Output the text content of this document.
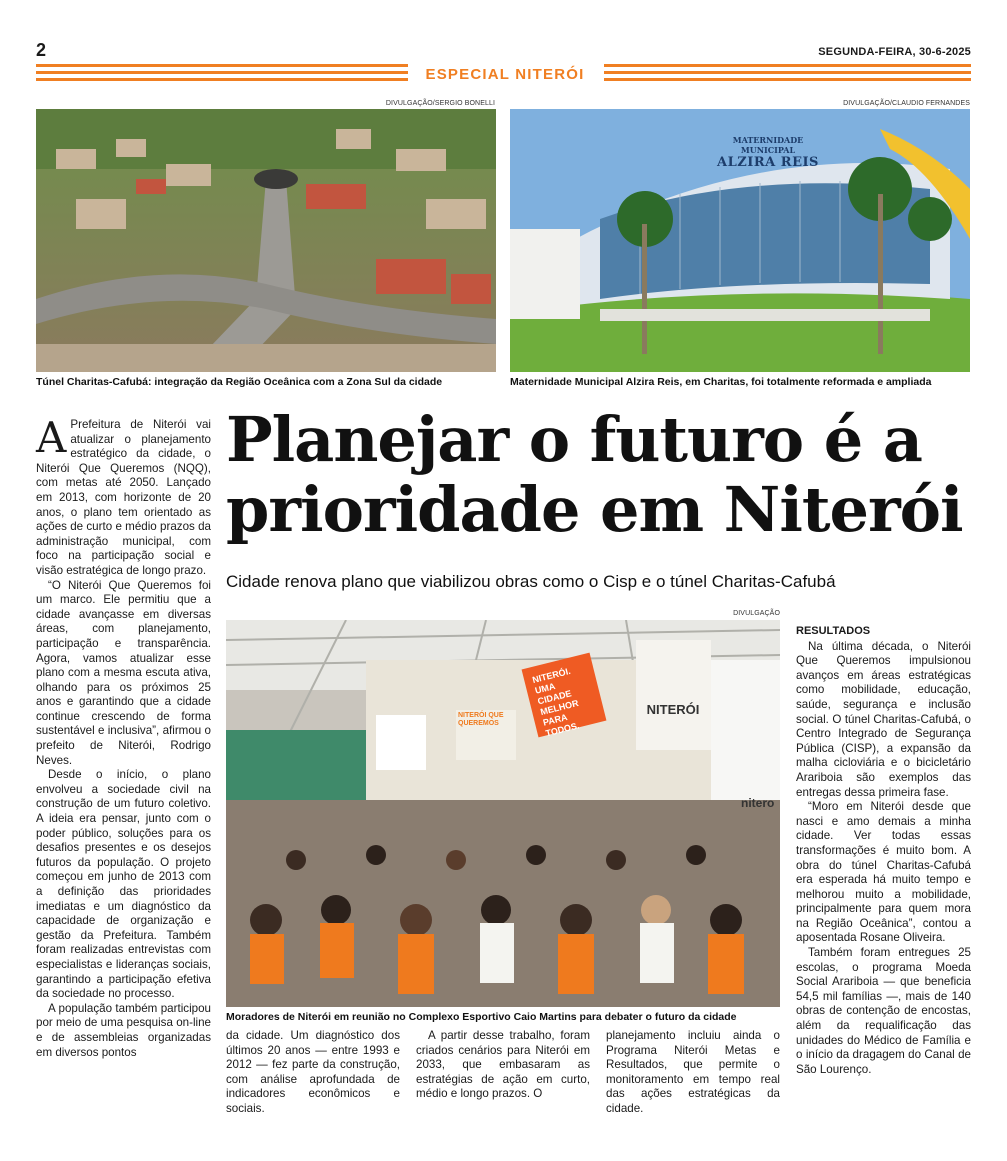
2	SEGUNDA-FEIRA, 30-6-2025
ESPECIAL NITERÓI
DIVULGAÇÃO/SERGIO BONELLI
Túnel Charitas-Cafubá: integração da Região Oceânica com a Zona Sul da cidade
DIVULGAÇÃO/CLAUDIO FERNANDES
MATERNIDADE MUNICIPAL
ALZIRA REIS
Maternidade Municipal Alzira Reis, em Charitas, foi totalmente reformada e ampliada
Planejar o futuro é a
prioridade em Niterói
Cidade renova plano que viabilizou obras como o Cisp e o túnel Charitas-Cafubá

A Prefeitura de Niterói vai atualizar o planejamento estratégico da cidade, o Niterói Que Queremos (NQQ), com metas até 2050. Lançado em 2013, com horizonte de 20 anos, o plano tem orientado as ações de curto e médio prazos da administração municipal, com foco na participação social e visão estratégica de longo prazo.

“O Niterói Que Queremos foi um marco. Ele permitiu que a cidade avançasse em diversas áreas, com planejamento, participação e transparência. Agora, vamos atualizar esse plano com a mesma escuta ativa, olhando para os próximos 25 anos e garantindo que a cidade continue crescendo de forma sustentável e inclusiva”, afirmou o prefeito de Niterói, Rodrigo Neves.

Desde o início, o plano envolveu a sociedade civil na construção de um futuro coletivo. A ideia era pensar, junto com o poder público, soluções para os desafios presentes e os desejos futuros da população. O projeto começou em junho de 2013 com a definição das prioridades imediatas e um diagnóstico da capacidade de organização e gestão da Prefeitura. Também foram realizadas entrevistas com especialistas e lideranças sociais, garantindo a participação efetiva da sociedade no processo.

A população também participou por meio de uma pesquisa on-line e de assembleias organizadas em diversos pontos

DIVULGAÇÃO
NITERÓI. UMA CIDADE MELHOR PARA TODOS.
NITERÓI
NITERÓI QUE QUEREMOS
nitero
Moradores de Niterói em reunião no Complexo Esportivo Caio Martins para debater o futuro da cidade

da cidade. Um diagnóstico dos últimos 20 anos — entre 1993 e 2012 — fez parte da construção, com análise aprofundada de indicadores econômicos e sociais.

A partir desse trabalho, foram criados cenários para Niterói em 2033, que embasaram as estratégias de ação em curto, médio e longo prazos. O

planejamento incluiu ainda o Programa Niterói Metas e Resultados, que permite o monitoramento em tempo real das ações estratégicas da cidade.

RESULTADOS

Na última década, o Niterói Que Queremos impulsionou avanços em áreas estratégicas como mobilidade, educação, saúde, segurança e inclusão social. O túnel Charitas-Cafubá, o Centro Integrado de Segurança Pública (CISP), a expansão da malha cicloviária e o bicicletário Arariboia são exemplos das entregas dessa primeira fase.

“Moro em Niterói desde que nasci e amo demais a minha cidade. Ver todas essas transformações é muito bom. A obra do túnel Charitas-Cafubá era esperada há muito tempo e melhorou muito a mobilidade, principalmente para quem mora na Região Oceânica”, contou a aposentada Rosane Oliveira.

Também foram entregues 25 escolas, o programa Moeda Social Arariboia — que beneficia 54,5 mil famílias —, mais de 140 obras de contenção de encostas, além da requalificação das unidades do Médico de Família e o início da dragagem do Canal de São Lourenço.
